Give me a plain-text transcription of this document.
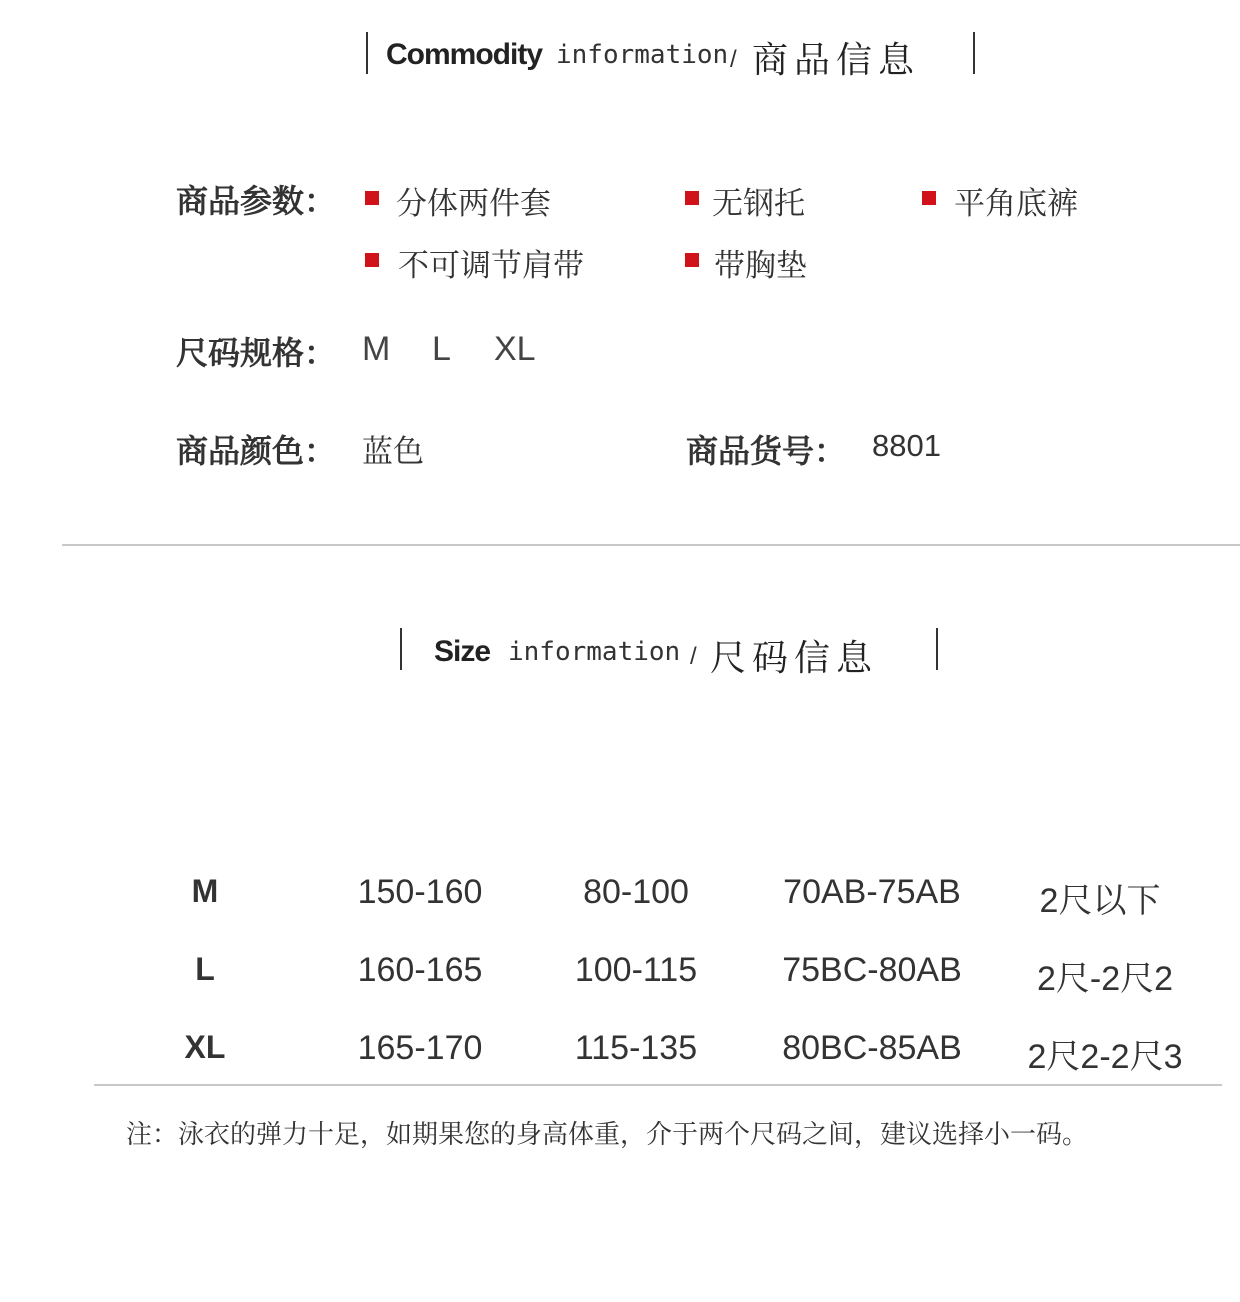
Commodity information / 商品信息
商品参数： 分体两件套	无钢托	平角底裤
不可调节肩带	带胸垫
尺码规格： M L XL
商品颜色： 蓝色	商品货号： 8801
Size information / 尺码信息
M	150-160	80-100	70AB-75AB 2尺以下
L	160-165	100-115	75BC-80AB 2尺-2尺2
XL	165-170	115-135	80BC-85AB 2尺2-2尺3
注：泳衣的弹力十足，如期果您的身高体重，介于两个尺码之间，建议选择小一码。
